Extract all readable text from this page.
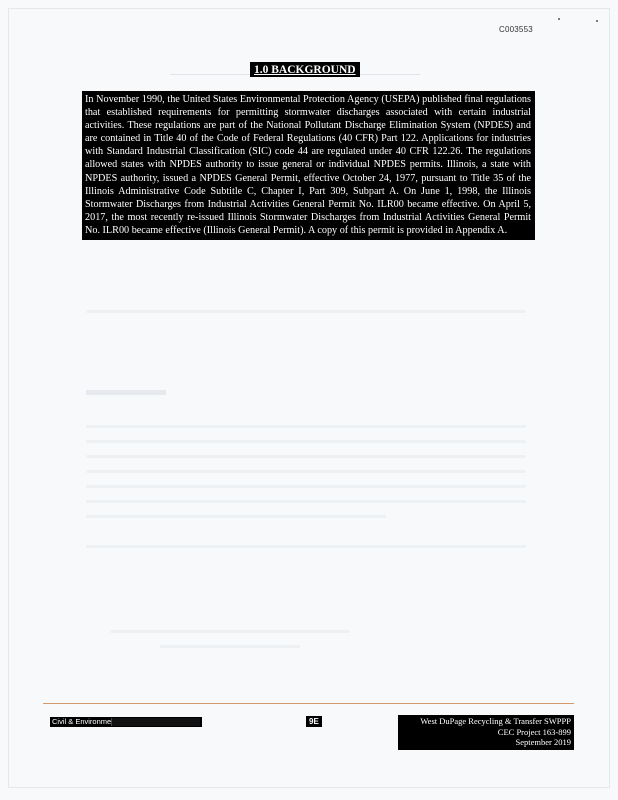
C003553
1.0 BACKGROUND
In November 1990, the United States Environmental Protection Agency (USEPA) published final regulations that established requirements for permitting stormwater discharges associated with certain industrial activities. These regulations are part of the National Pollutant Discharge Elimination System (NPDES) and are contained in Title 40 of the Code of Federal Regulations (40 CFR) Part 122. Applications for industries with Standard Industrial Classification (SIC) code 44 are regulated under 40 CFR 122.26. The regulations allowed states with NPDES authority to issue general or individual NPDES permits. Illinois, a state with NPDES authority, issued a NPDES General Permit, effective October 24, 1977, pursuant to Title 35 of the Illinois Administrative Code Subtitle C, Chapter I, Part 309, Subpart A. On June 1, 1998, the Illinois Stormwater Discharges from Industrial Activities General Permit No. ILR00 became effective. On April 5, 2017, the most recently re-issued Illinois Stormwater Discharges from Industrial Activities General Permit No. ILR00 became effective (Illinois General Permit). A copy of this permit is provided in Appendix A.
Civil & Environme	9E	West DuPage Recycling & Transfer SWPPP
CEC Project 163-899
September 2019
